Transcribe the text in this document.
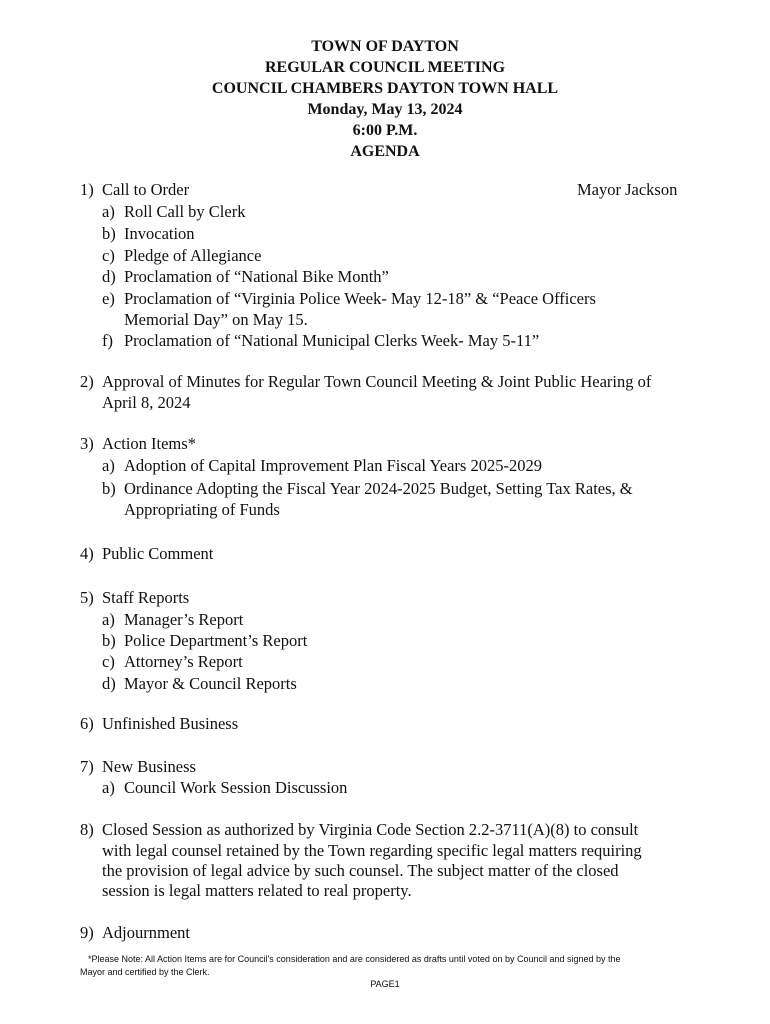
TOWN OF DAYTON
REGULAR COUNCIL MEETING
COUNCIL CHAMBERS DAYTON TOWN HALL
Monday, May 13, 2024
6:00 P.M.
AGENDA
1) Call to Order	Mayor Jackson
a) Roll Call by Clerk
b) Invocation
c) Pledge of Allegiance
d) Proclamation of “National Bike Month”
e) Proclamation of “Virginia Police Week- May 12-18” & “Peace Officers
Memorial Day” on May 15.
f) Proclamation of “National Municipal Clerks Week- May 5-11”
2) Approval of Minutes for Regular Town Council Meeting & Joint Public Hearing of
April 8, 2024
3) Action Items*
a) Adoption of Capital Improvement Plan Fiscal Years 2025-2029
b) Ordinance Adopting the Fiscal Year 2024-2025 Budget, Setting Tax Rates, &
Appropriating of Funds
4) Public Comment
5) Staff Reports
a) Manager’s Report
b) Police Department’s Report
c) Attorney’s Report
d) Mayor & Council Reports
6) Unfinished Business
7) New Business
a) Council Work Session Discussion
8) Closed Session as authorized by Virginia Code Section 2.2-3711(A)(8) to consult
with legal counsel retained by the Town regarding specific legal matters requiring
the provision of legal advice by such counsel. The subject matter of the closed
session is legal matters related to real property.
9) Adjournment
*Please Note: All Action Items are for Council's consideration and are considered as drafts until voted on by Council and signed by the
Mayor and certified by the Clerk.
PAGE1
